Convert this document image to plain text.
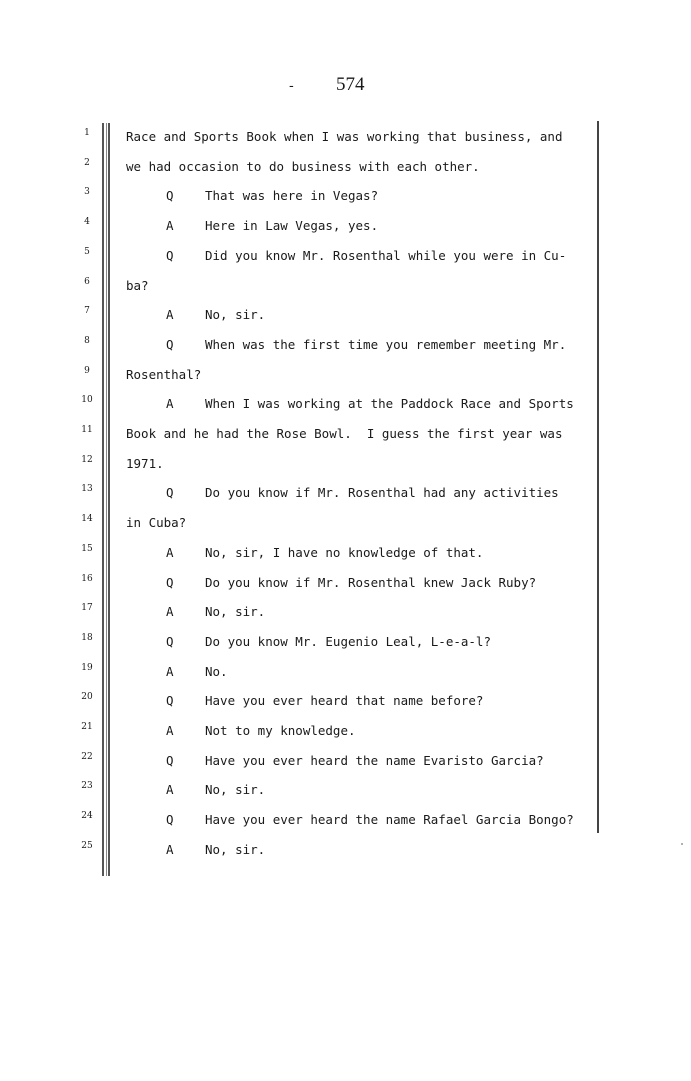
- 574
1	Race and Sports Book when I was working that business, and
2	we had occasion to do business with each other.
3	Q	That was here in Vegas?
4	A	Here in Law Vegas, yes.
5	Q	Did you know Mr. Rosenthal while you were in Cu-
6	ba?
7	A	No, sir.
8	Q	When was the first time you remember meeting Mr.
9	Rosenthal?
10	A	When I was working at the Paddock Race and Sports
11	Book and he had the Rose Bowl.  I guess the first year was
12	1971.
13	Q	Do you know if Mr. Rosenthal had any activities
14	in Cuba?
15	A	No, sir, I have no knowledge of that.
16	Q	Do you know if Mr. Rosenthal knew Jack Ruby?
17	A	No, sir.
18	Q	Do you know Mr. Eugenio Leal, L-e-a-l?
19	A	No.
20	Q	Have you ever heard that name before?
21	A	Not to my knowledge.
22	Q	Have you ever heard the name Evaristo Garcia?
23	A	No, sir.
24	Q	Have you ever heard the name Rafael Garcia Bongo?
25	A	No, sir.
